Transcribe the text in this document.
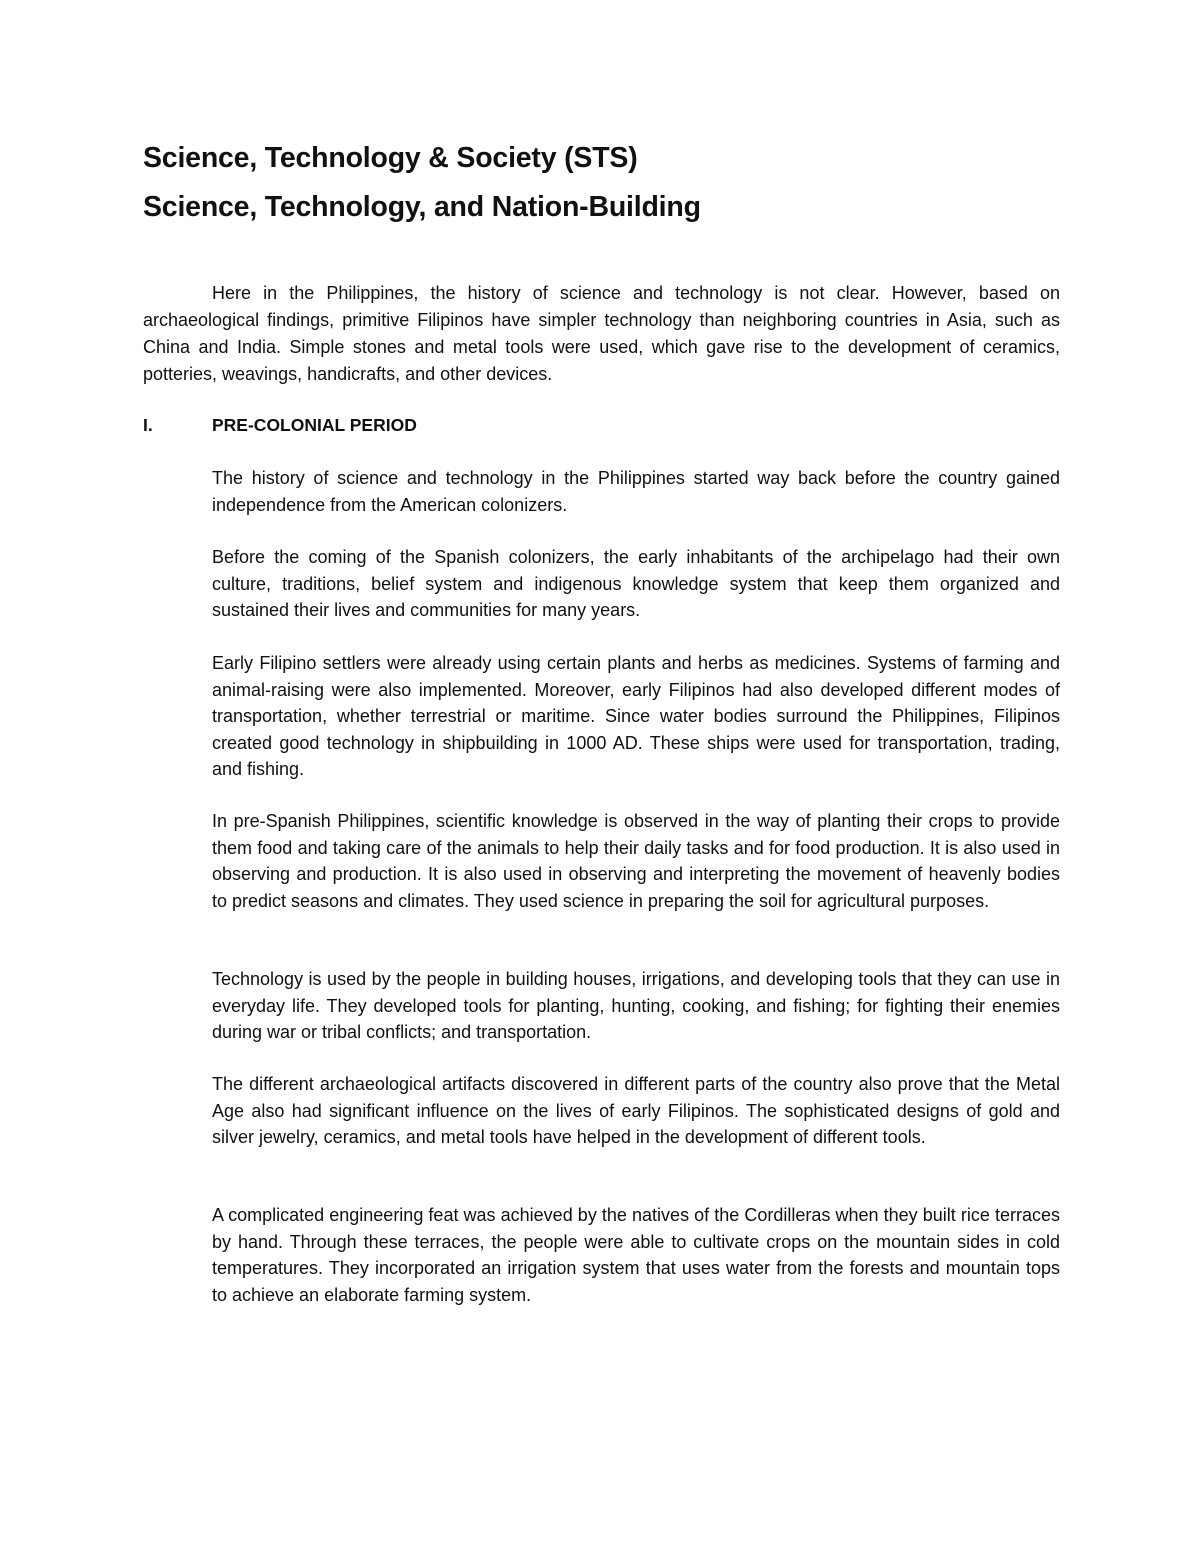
Science, Technology & Society (STS)
Science, Technology, and Nation-Building

Here in the Philippines, the history of science and technology is not clear. However, based on archaeological findings, primitive Filipinos have simpler technology than neighboring countries in Asia, such as China and India. Simple stones and metal tools were used, which gave rise to the development of ceramics, potteries, weavings, handicrafts, and other devices.

I.	PRE-COLONIAL PERIOD

The history of science and technology in the Philippines started way back before the country gained independence from the American colonizers.

Before the coming of the Spanish colonizers, the early inhabitants of the archipelago had their own culture, traditions, belief system and indigenous knowledge system that keep them organized and sustained their lives and communities for many years.

Early Filipino settlers were already using certain plants and herbs as medicines. Systems of farming and animal-raising were also implemented. Moreover, early Filipinos had also developed different modes of transportation, whether terrestrial or maritime. Since water bodies surround the Philippines, Filipinos created good technology in shipbuilding in 1000 AD. These ships were used for transportation, trading, and fishing.

In pre-Spanish Philippines, scientific knowledge is observed in the way of planting their crops to provide them food and taking care of the animals to help their daily tasks and for food production. It is also used in observing and production. It is also used in observing and interpreting the movement of heavenly bodies to predict seasons and climates. They used science in preparing the soil for agricultural purposes.

Technology is used by the people in building houses, irrigations, and developing tools that they can use in everyday life. They developed tools for planting, hunting, cooking, and fishing; for fighting their enemies during war or tribal conflicts; and transportation.

The different archaeological artifacts discovered in different parts of the country also prove that the Metal Age also had significant influence on the lives of early Filipinos. The sophisticated designs of gold and silver jewelry, ceramics, and metal tools have helped in the development of different tools.

A complicated engineering feat was achieved by the natives of the Cordilleras when they built rice terraces by hand. Through these terraces, the people were able to cultivate crops on the mountain sides in cold temperatures. They incorporated an irrigation system that uses water from the forests and mountain tops to achieve an elaborate farming system.
